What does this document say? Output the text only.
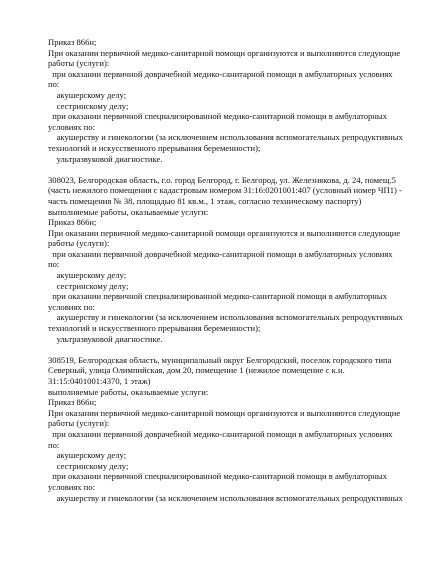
Приказ 866н;
При оказании первичной медико-санитарной помощи организуются и выполняются следующие
работы (услуги):
при оказании первичной доврачебной медико-санитарной помощи в амбулаторных условиях
по:
акушерскому делу;
сестринскому делу;
при оказании первичной специализированной медико-санитарной помощи в амбулаторных
условиях по:
акушерству и гинекологии (за исключением использования вспомогательных репродуктивных
технологий и искусственного прерывания беременности);
ультразвуковой диагностике.
308023, Белгородская область, г.о. город Белгород, г. Белгород, ул. Железнякова, д. 24, помещ.5
(часть нежилого помещения с кадастровым номером 31:16:0201001:407 (условный номер ЧП1) -
часть помещения № 38, площадью 81 кв.м., 1 этаж, согласно техническому паспорту)
выполняемые работы, оказываемые услуги:
Приказ 866н;
При оказании первичной медико-санитарной помощи организуются и выполняются следующие
работы (услуги):
при оказании первичной доврачебной медико-санитарной помощи в амбулаторных условиях
по:
акушерскому делу;
сестринскому делу;
при оказании первичной специализированной медико-санитарной помощи в амбулаторных
условиях по:
акушерству и гинекологии (за исключением использования вспомогательных репродуктивных
технологий и искусственного прерывания беременности);
ультразвуковой диагностике.
308519, Белгородская область, муниципальный округ Белгородский, поселок городского типа
Северный, улица Олимпийская, дом 20, помещение 1 (нежилое помещение с к.н.
31:15:0401001:4370, 1 этаж)
выполняемые работы, оказываемые услуги:
Приказ 866н;
При оказании первичной медико-санитарной помощи организуются и выполняются следующие
работы (услуги):
при оказании первичной доврачебной медико-санитарной помощи в амбулаторных условиях
по:
акушерскому делу;
сестринскому делу;
при оказании первичной специализированной медико-санитарной помощи в амбулаторных
условиях по:
акушерству и гинекологии (за исключением использования вспомогательных репродуктивных
